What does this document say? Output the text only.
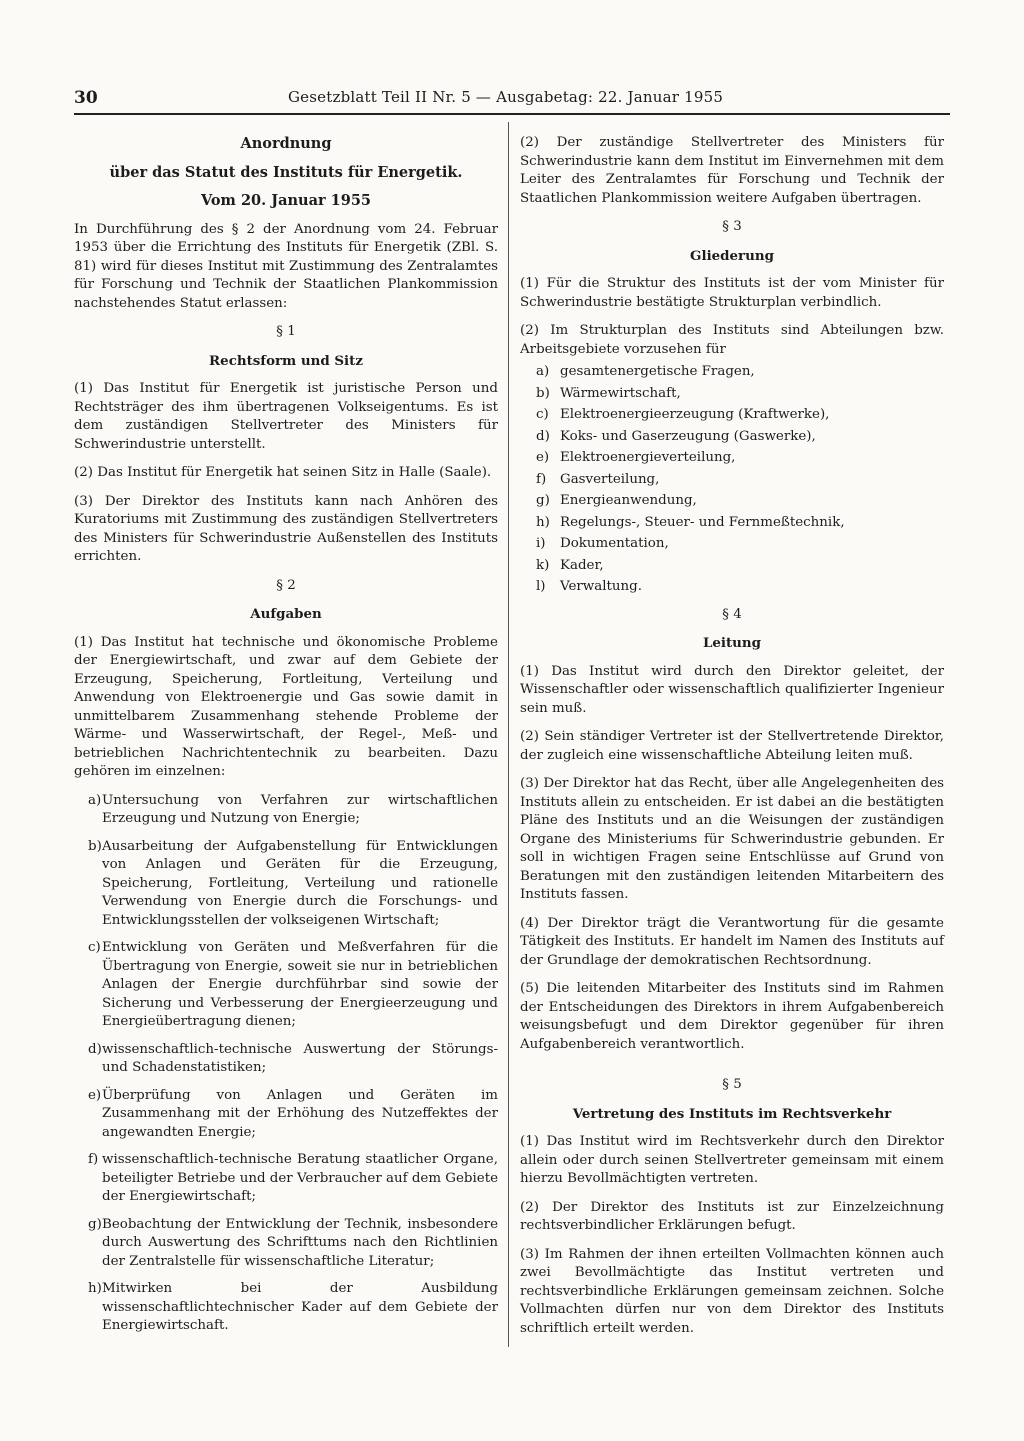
30	Gesetzblatt Teil II Nr. 5 — Ausgabetag: 22. Januar 1955

Anordnung

über das Statut des Instituts für Energetik.

Vom 20. Januar 1955

In Durchführung des § 2 der Anordnung vom 24. Februar 1953 über die Errichtung des Instituts für Energetik (ZBl. S. 81) wird für dieses Institut mit Zustimmung des Zentralamtes für Forschung und Technik der Staatlichen Plankommission nachstehendes Statut erlassen:

§ 1

Rechtsform und Sitz

(1) Das Institut für Energetik ist juristische Person und Rechtsträger des ihm übertragenen Volkseigentums. Es ist dem zuständigen Stellvertreter des Ministers für Schwerindustrie unterstellt.

(2) Das Institut für Energetik hat seinen Sitz in Halle (Saale).

(3) Der Direktor des Instituts kann nach Anhören des Kuratoriums mit Zustimmung des zuständigen Stellvertreters des Ministers für Schwerindustrie Außenstellen des Instituts errichten.

§ 2

Aufgaben

(1) Das Institut hat technische und ökonomische Probleme der Energiewirtschaft, und zwar auf dem Gebiete der Erzeugung, Speicherung, Fortleitung, Verteilung und Anwendung von Elektroenergie und Gas sowie damit in unmittelbarem Zusammenhang stehende Probleme der Wärme- und Wasserwirtschaft, der Regel-, Meß- und betrieblichen Nachrichtentechnik zu bearbeiten. Dazu gehören im einzelnen:

a) Untersuchung von Verfahren zur wirtschaftlichen Erzeugung und Nutzung von Energie;
b) Ausarbeitung der Aufgabenstellung für Entwicklungen von Anlagen und Geräten für die Erzeugung, Speicherung, Fortleitung, Verteilung und rationelle Verwendung von Energie durch die Forschungs- und Entwicklungsstellen der volkseigenen Wirtschaft;
c) Entwicklung von Geräten und Meßverfahren für die Übertragung von Energie, soweit sie nur in betrieblichen Anlagen der Energie durchführbar sind sowie der Sicherung und Verbesserung der Energieerzeugung und Energieübertragung dienen;
d) wissenschaftlich-technische Auswertung der Störungs- und Schadenstatistiken;
e) Überprüfung von Anlagen und Geräten im Zusammenhang mit der Erhöhung des Nutzeffektes der angewandten Energie;
f) wissenschaftlich-technische Beratung staatlicher Organe, beteiligter Betriebe und der Verbraucher auf dem Gebiete der Energiewirtschaft;
g) Beobachtung der Entwicklung der Technik, insbesondere durch Auswertung des Schrifttums nach den Richtlinien der Zentralstelle für wissenschaftliche Literatur;
h) Mitwirken bei der Ausbildung wissenschaftlichtechnischer Kader auf dem Gebiete der Energiewirtschaft.

(2) Der zuständige Stellvertreter des Ministers für Schwerindustrie kann dem Institut im Einvernehmen mit dem Leiter des Zentralamtes für Forschung und Technik der Staatlichen Plankommission weitere Aufgaben übertragen.

§ 3

Gliederung

(1) Für die Struktur des Instituts ist der vom Minister für Schwerindustrie bestätigte Strukturplan verbindlich.

(2) Im Strukturplan des Instituts sind Abteilungen bzw. Arbeitsgebiete vorzusehen für

a) gesamtenergetische Fragen,
b) Wärmewirtschaft,
c) Elektroenergieerzeugung (Kraftwerke),
d) Koks- und Gaserzeugung (Gaswerke),
e) Elektroenergieverteilung,
f)	Gasverteilung,
g) Energieanwendung,
h) Regelungs-, Steuer- und Fernmeßtechnik,
i)	Dokumentation,
k) Kader,
l)	Verwaltung.

§ 4

Leitung

(1) Das Institut wird durch den Direktor geleitet, der Wissenschaftler oder wissenschaftlich qualifizierter Ingenieur sein muß.

(2) Sein ständiger Vertreter ist der Stellvertretende Direktor, der zugleich eine wissenschaftliche Abteilung leiten muß.

(3) Der Direktor hat das Recht, über alle Angelegenheiten des Instituts allein zu entscheiden. Er ist dabei an die bestätigten Pläne des Instituts und an die Weisungen der zuständigen Organe des Ministeriums für Schwerindustrie gebunden. Er soll in wichtigen Fragen seine Entschlüsse auf Grund von Beratungen mit den zuständigen leitenden Mitarbeitern des Instituts fassen.

(4) Der Direktor trägt die Verantwortung für die gesamte Tätigkeit des Instituts. Er handelt im Namen des Instituts auf der Grundlage der demokratischen Rechtsordnung.

(5) Die leitenden Mitarbeiter des Instituts sind im Rahmen der Entscheidungen des Direktors in ihrem Aufgabenbereich weisungsbefugt und dem Direktor gegenüber für ihren Aufgabenbereich verantwortlich.

§ 5

Vertretung des Instituts im Rechtsverkehr

(1) Das Institut wird im Rechtsverkehr durch den Direktor allein oder durch seinen Stellvertreter gemeinsam mit einem hierzu Bevollmächtigten vertreten.

(2) Der Direktor des Instituts ist zur Einzelzeichnung rechtsverbindlicher Erklärungen befugt.

(3) Im Rahmen der ihnen erteilten Vollmachten können auch zwei Bevollmächtigte das Institut vertreten und rechtsverbindliche Erklärungen gemeinsam zeichnen. Solche Vollmachten dürfen nur von dem Direktor des Instituts schriftlich erteilt werden.
